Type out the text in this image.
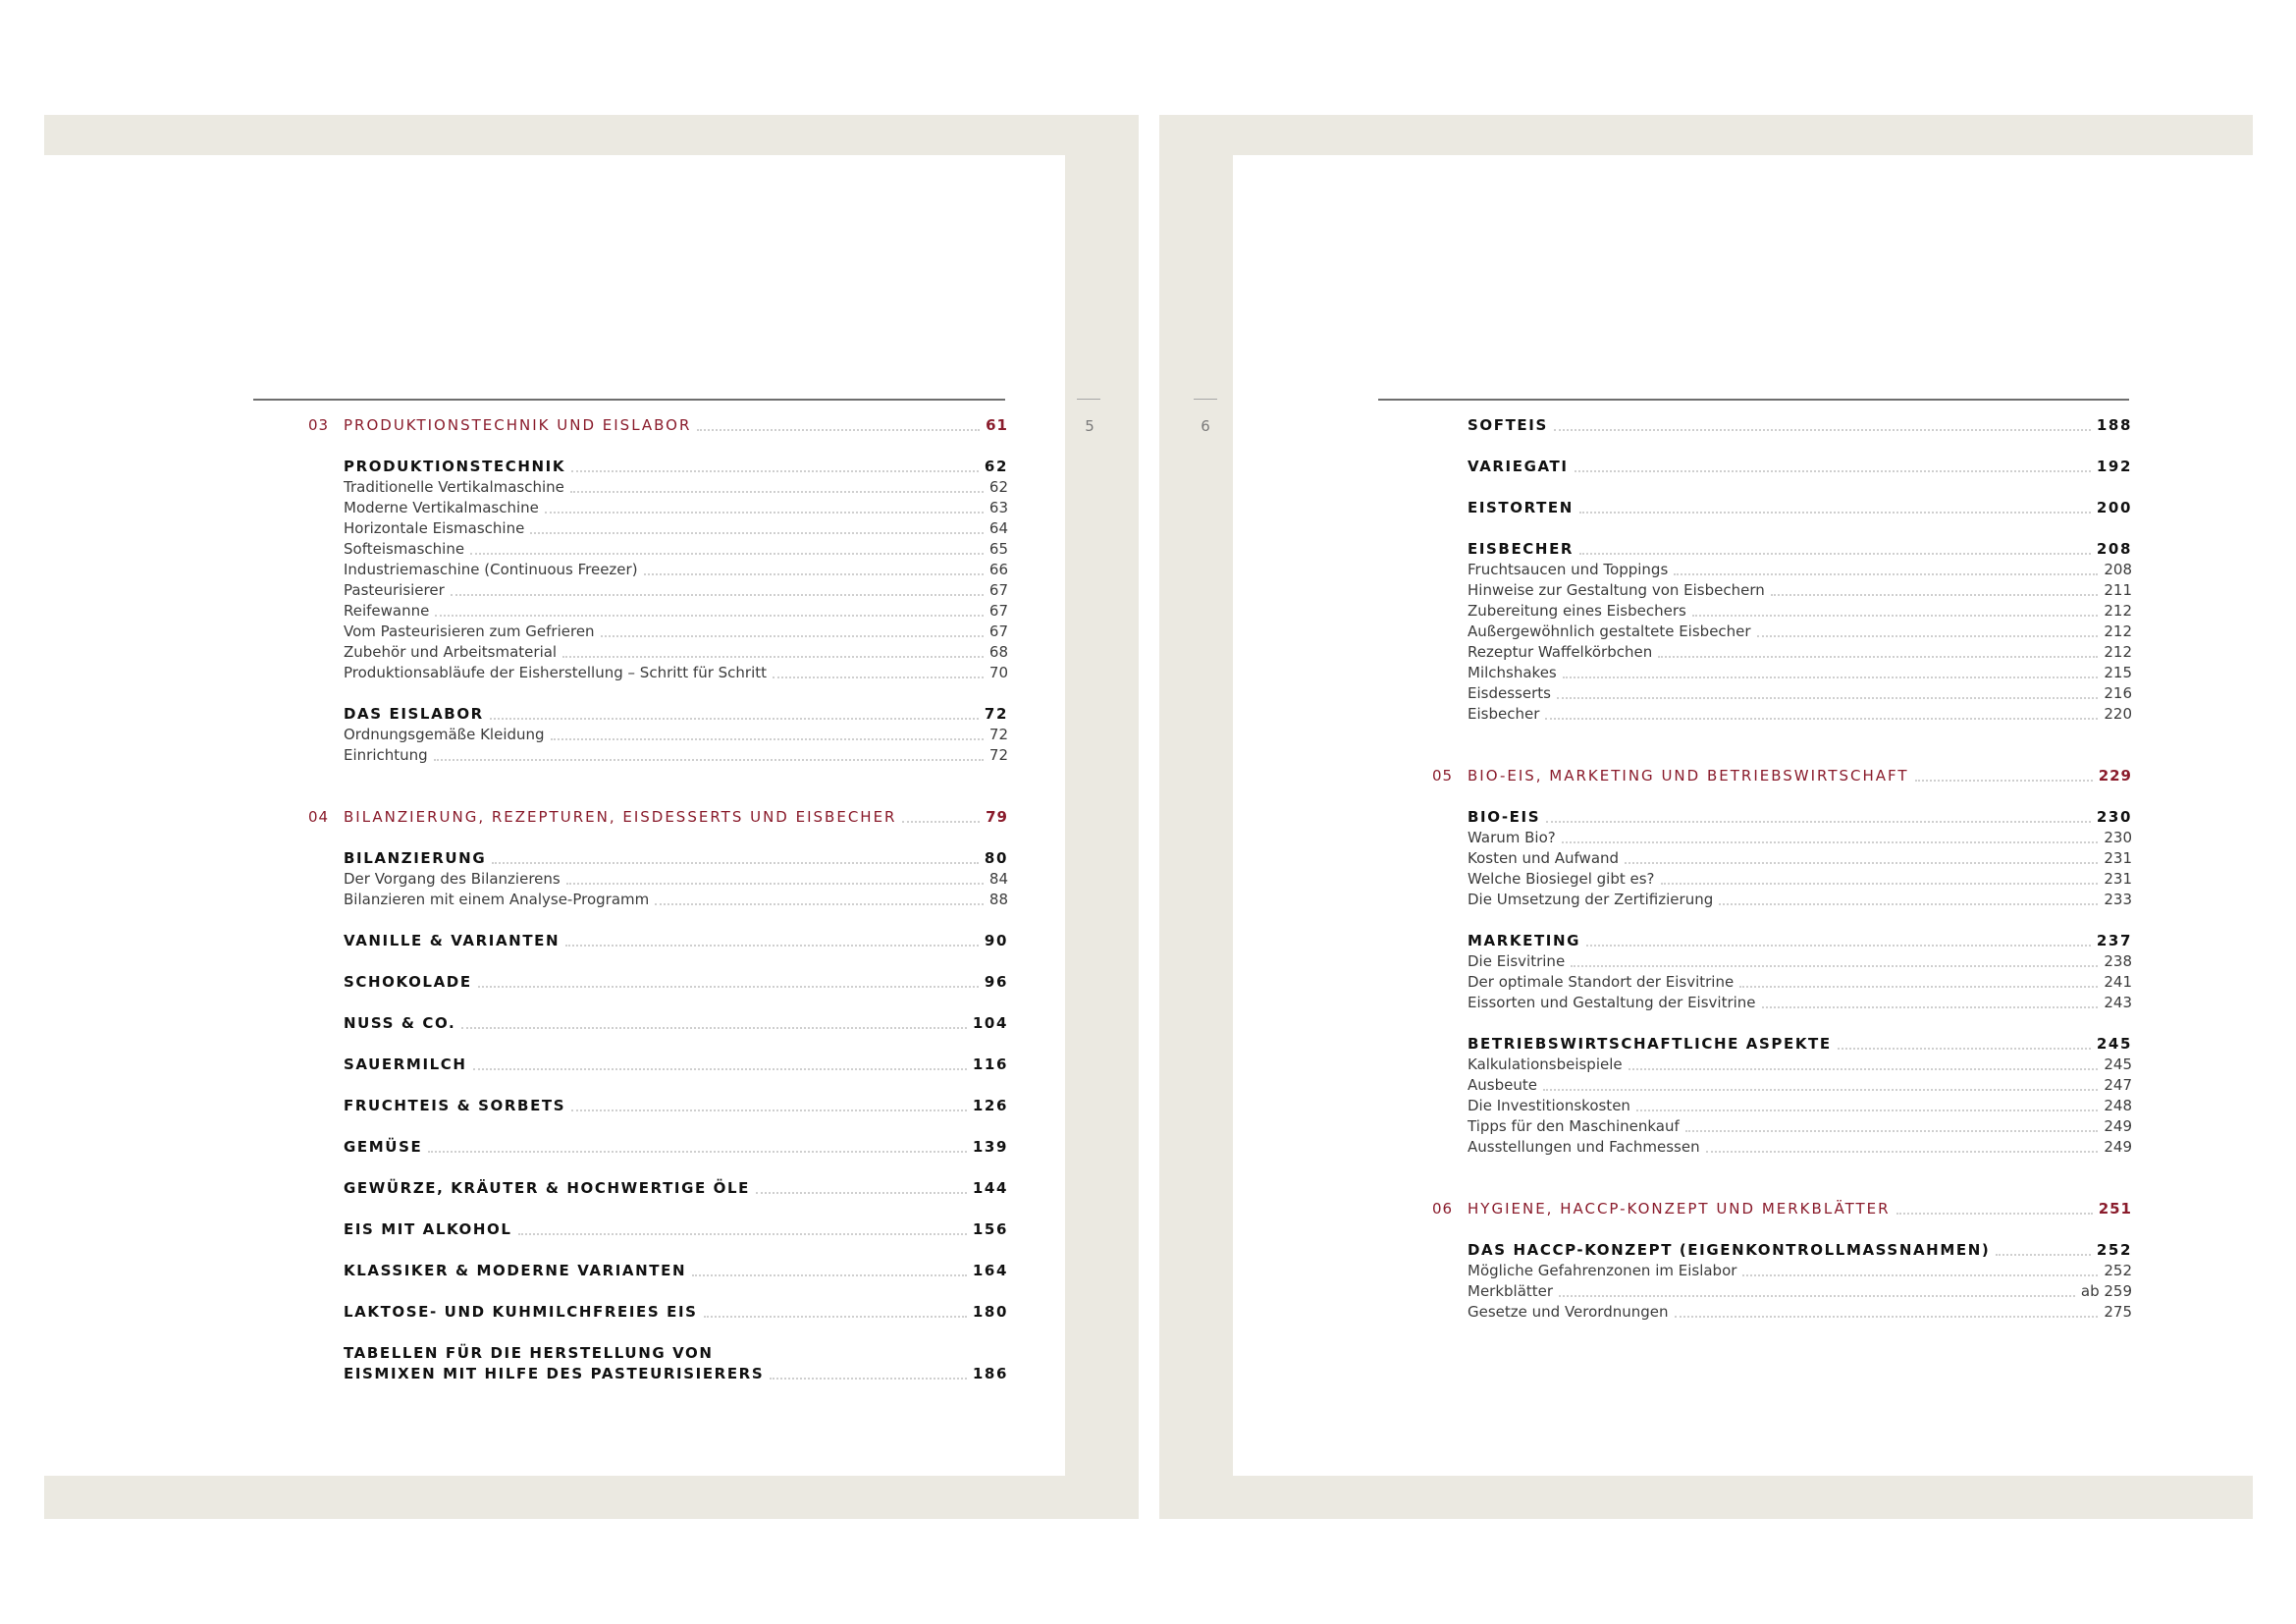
5	6
03 PRODUKTIONSTECHNIK UND EISLABOR	61
PRODUKTIONSTECHNIK	62
Traditionelle Vertikalmaschine	62
Moderne Vertikalmaschine	63
Horizontale Eismaschine	64
Softeismaschine	65
Industriemaschine (Continuous Freezer)	66
Pasteurisierer	67
Reifewanne	67
Vom Pasteurisieren zum Gefrieren	67
Zubehör und Arbeitsmaterial	68
Produktionsabläufe der Eisherstellung – Schritt für Schritt	70
DAS EISLABOR	72
Ordnungsgemäße Kleidung	72
Einrichtung	72
04 BILANZIERUNG, REZEPTUREN, EISDESSERTS UND EISBECHER	79
BILANZIERUNG	80
Der Vorgang des Bilanzierens	84
Bilanzieren mit einem Analyse-Programm	88
VANILLE & VARIANTEN	90
SCHOKOLADE	96
NUSS & CO.	104
SAUERMILCH	116
FRUCHTEIS & SORBETS	126
GEMÜSE	139
GEWÜRZE, KRÄUTER & HOCHWERTIGE ÖLE	144
EIS MIT ALKOHOL	156
KLASSIKER & MODERNE VARIANTEN	164
LAKTOSE- UND KUHMILCHFREIES EIS	180
TABELLEN FÜR DIE HERSTELLUNG VON
EISMIXEN MIT HILFE DES PASTEURISIERERS	186
SOFTEIS	188
VARIEGATI	192
EISTORTEN	200
EISBECHER	208
Fruchtsaucen und Toppings	208
Hinweise zur Gestaltung von Eisbechern	211
Zubereitung eines Eisbechers	212
Außergewöhnlich gestaltete Eisbecher	212
Rezeptur Waffelkörbchen	212
Milchshakes	215
Eisdesserts	216
Eisbecher	220
05 BIO-EIS, MARKETING UND BETRIEBSWIRTSCHAFT	229
BIO-EIS	230
Warum Bio?	230
Kosten und Aufwand	231
Welche Biosiegel gibt es?	231
Die Umsetzung der Zertifizierung	233
MARKETING	237
Die Eisvitrine	238
Der optimale Standort der Eisvitrine	241
Eissorten und Gestaltung der Eisvitrine	243
BETRIEBSWIRTSCHAFTLICHE ASPEKTE	245
Kalkulationsbeispiele	245
Ausbeute	247
Die Investitionskosten	248
Tipps für den Maschinenkauf	249
Ausstellungen und Fachmessen	249
06 HYGIENE, HACCP-KONZEPT UND MERKBLÄTTER	251
DAS HACCP-KONZEPT (EIGENKONTROLLMASSNAHMEN)	252
Mögliche Gefahrenzonen im Eislabor	252
Merkblätter	ab 259
Gesetze und Verordnungen	275
